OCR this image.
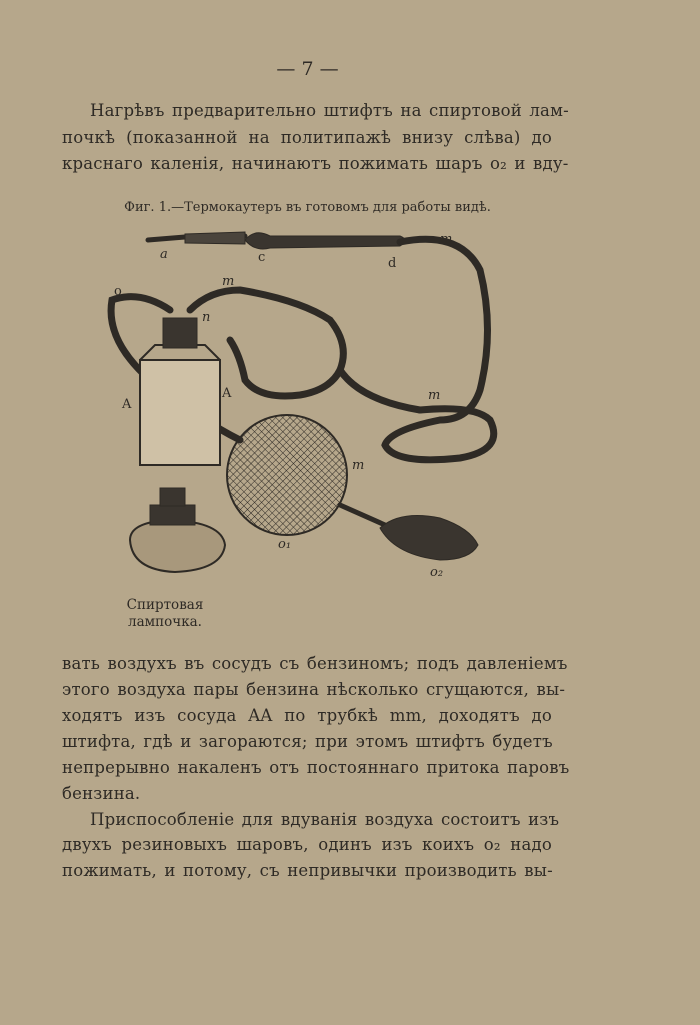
— 7 —
Нагрѣвъ предварительно штифтъ на спиртовой лам-
почкѣ (показанной на политипажѣ внизу слѣва) до
краснаго каленія, начинаютъ пожимать шаръ o₂ и вду-
Фиг. 1.—Термокаутеръ въ готовомъ для работы видѣ.
a	c	d
m
m
m
m
o
n
A
A
o₁
o₂
Спиртовая
лампочка.
вать воздухъ въ сосудъ съ бензиномъ; подъ давленіемъ
этого воздуха пары бензина нѣсколько сгущаются, вы-
ходятъ изъ сосуда AA по трубкѣ mm, доходятъ до
штифта, гдѣ и загораются; при этомъ штифтъ будетъ
непрерывно накаленъ отъ постояннаго притока паровъ
бензина.
Приспособленіе для вдуванія воздуха состоитъ изъ
двухъ резиновыхъ шаровъ, одинъ изъ коихъ o₂ надо
пожимать, и потому, съ непривычки производить вы-
